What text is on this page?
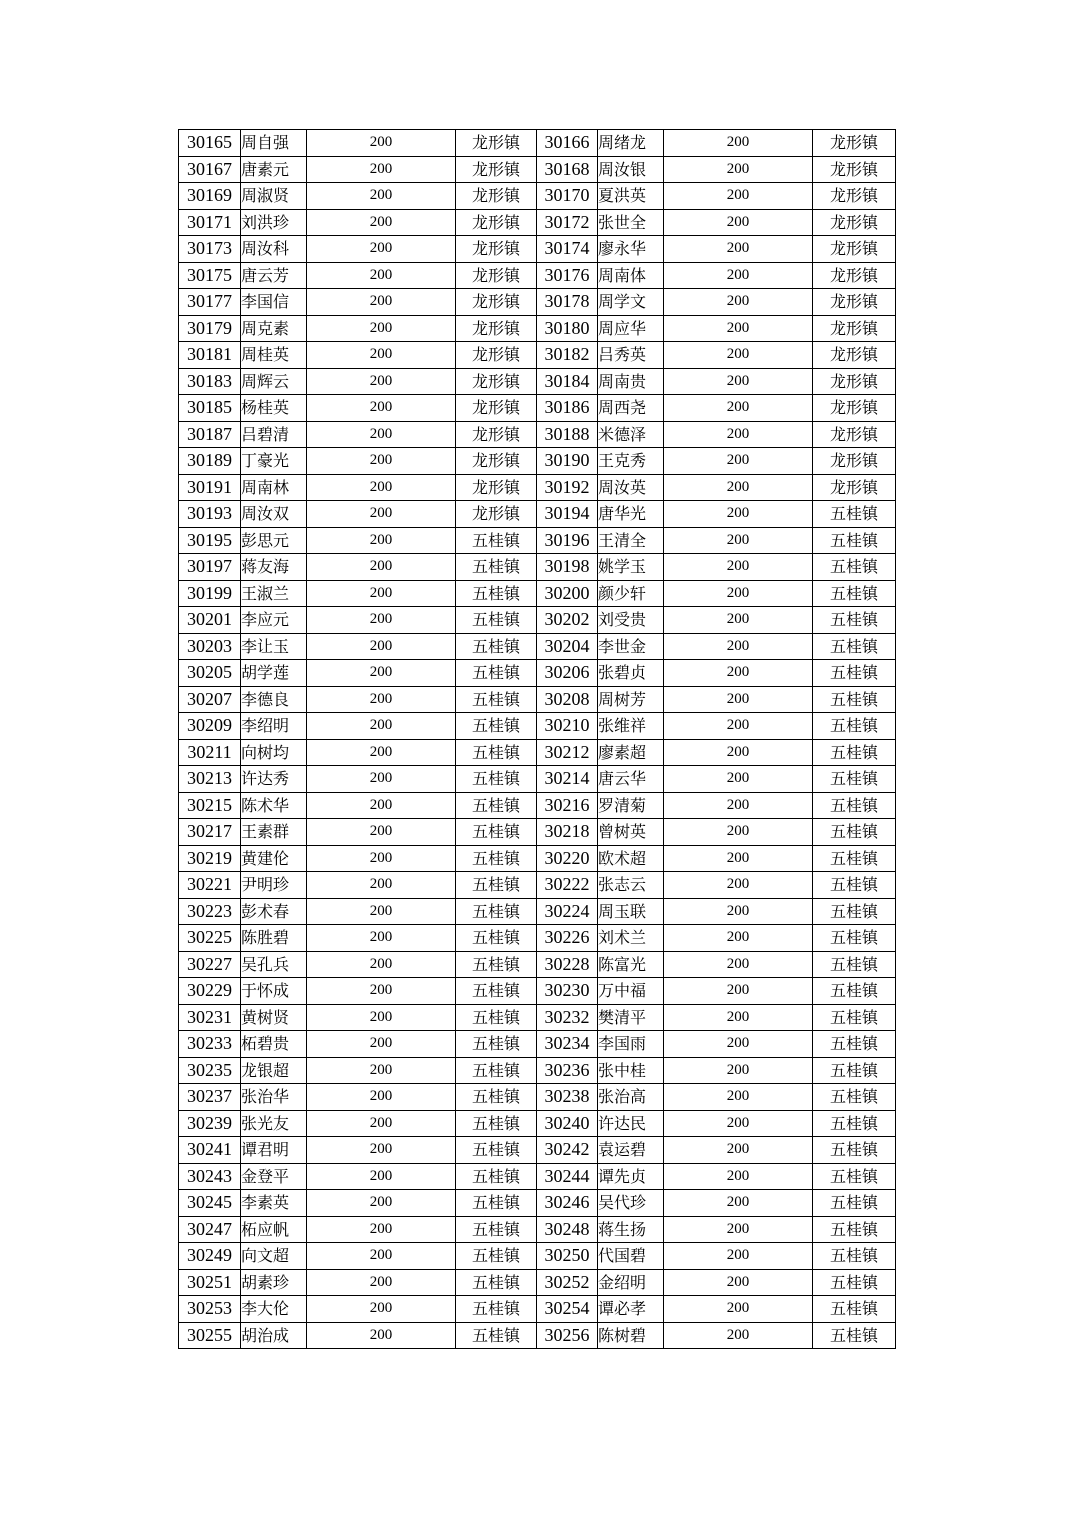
30165	周自强	200	龙形镇	30166	周绪龙	200	龙形镇
30167	唐素元	200	龙形镇	30168	周汝银	200	龙形镇
30169	周淑贤	200	龙形镇	30170	夏洪英	200	龙形镇
30171	刘洪珍	200	龙形镇	30172	张世全	200	龙形镇
30173	周汝科	200	龙形镇	30174	廖永华	200	龙形镇
30175	唐云芳	200	龙形镇	30176	周南体	200	龙形镇
30177	李国信	200	龙形镇	30178	周学文	200	龙形镇
30179	周克素	200	龙形镇	30180	周应华	200	龙形镇
30181	周桂英	200	龙形镇	30182	吕秀英	200	龙形镇
30183	周辉云	200	龙形镇	30184	周南贵	200	龙形镇
30185	杨桂英	200	龙形镇	30186	周西尧	200	龙形镇
30187	吕碧清	200	龙形镇	30188	米德泽	200	龙形镇
30189	丁豪光	200	龙形镇	30190	王克秀	200	龙形镇
30191	周南林	200	龙形镇	30192	周汝英	200	龙形镇
30193	周汝双	200	龙形镇	30194	唐华光	200	五桂镇
30195	彭思元	200	五桂镇	30196	王清全	200	五桂镇
30197	蒋友海	200	五桂镇	30198	姚学玉	200	五桂镇
30199	王淑兰	200	五桂镇	30200	颜少轩	200	五桂镇
30201	李应元	200	五桂镇	30202	刘受贵	200	五桂镇
30203	李让玉	200	五桂镇	30204	李世金	200	五桂镇
30205	胡学莲	200	五桂镇	30206	张碧贞	200	五桂镇
30207	李德良	200	五桂镇	30208	周树芳	200	五桂镇
30209	李绍明	200	五桂镇	30210	张维祥	200	五桂镇
30211	向树均	200	五桂镇	30212	廖素超	200	五桂镇
30213	许达秀	200	五桂镇	30214	唐云华	200	五桂镇
30215	陈术华	200	五桂镇	30216	罗清菊	200	五桂镇
30217	王素群	200	五桂镇	30218	曾树英	200	五桂镇
30219	黄建伦	200	五桂镇	30220	欧术超	200	五桂镇
30221	尹明珍	200	五桂镇	30222	张志云	200	五桂镇
30223	彭术春	200	五桂镇	30224	周玉联	200	五桂镇
30225	陈胜碧	200	五桂镇	30226	刘术兰	200	五桂镇
30227	吴孔兵	200	五桂镇	30228	陈富光	200	五桂镇
30229	于怀成	200	五桂镇	30230	万中福	200	五桂镇
30231	黄树贤	200	五桂镇	30232	樊清平	200	五桂镇
30233	柘碧贵	200	五桂镇	30234	李国雨	200	五桂镇
30235	龙银超	200	五桂镇	30236	张中桂	200	五桂镇
30237	张治华	200	五桂镇	30238	张治高	200	五桂镇
30239	张光友	200	五桂镇	30240	许达民	200	五桂镇
30241	谭君明	200	五桂镇	30242	袁运碧	200	五桂镇
30243	金登平	200	五桂镇	30244	谭先贞	200	五桂镇
30245	李素英	200	五桂镇	30246	吴代珍	200	五桂镇
30247	柘应帆	200	五桂镇	30248	蒋生扬	200	五桂镇
30249	向文超	200	五桂镇	30250	代国碧	200	五桂镇
30251	胡素珍	200	五桂镇	30252	金绍明	200	五桂镇
30253	李大伦	200	五桂镇	30254	谭必孝	200	五桂镇
30255	胡治成	200	五桂镇	30256	陈树碧	200	五桂镇
